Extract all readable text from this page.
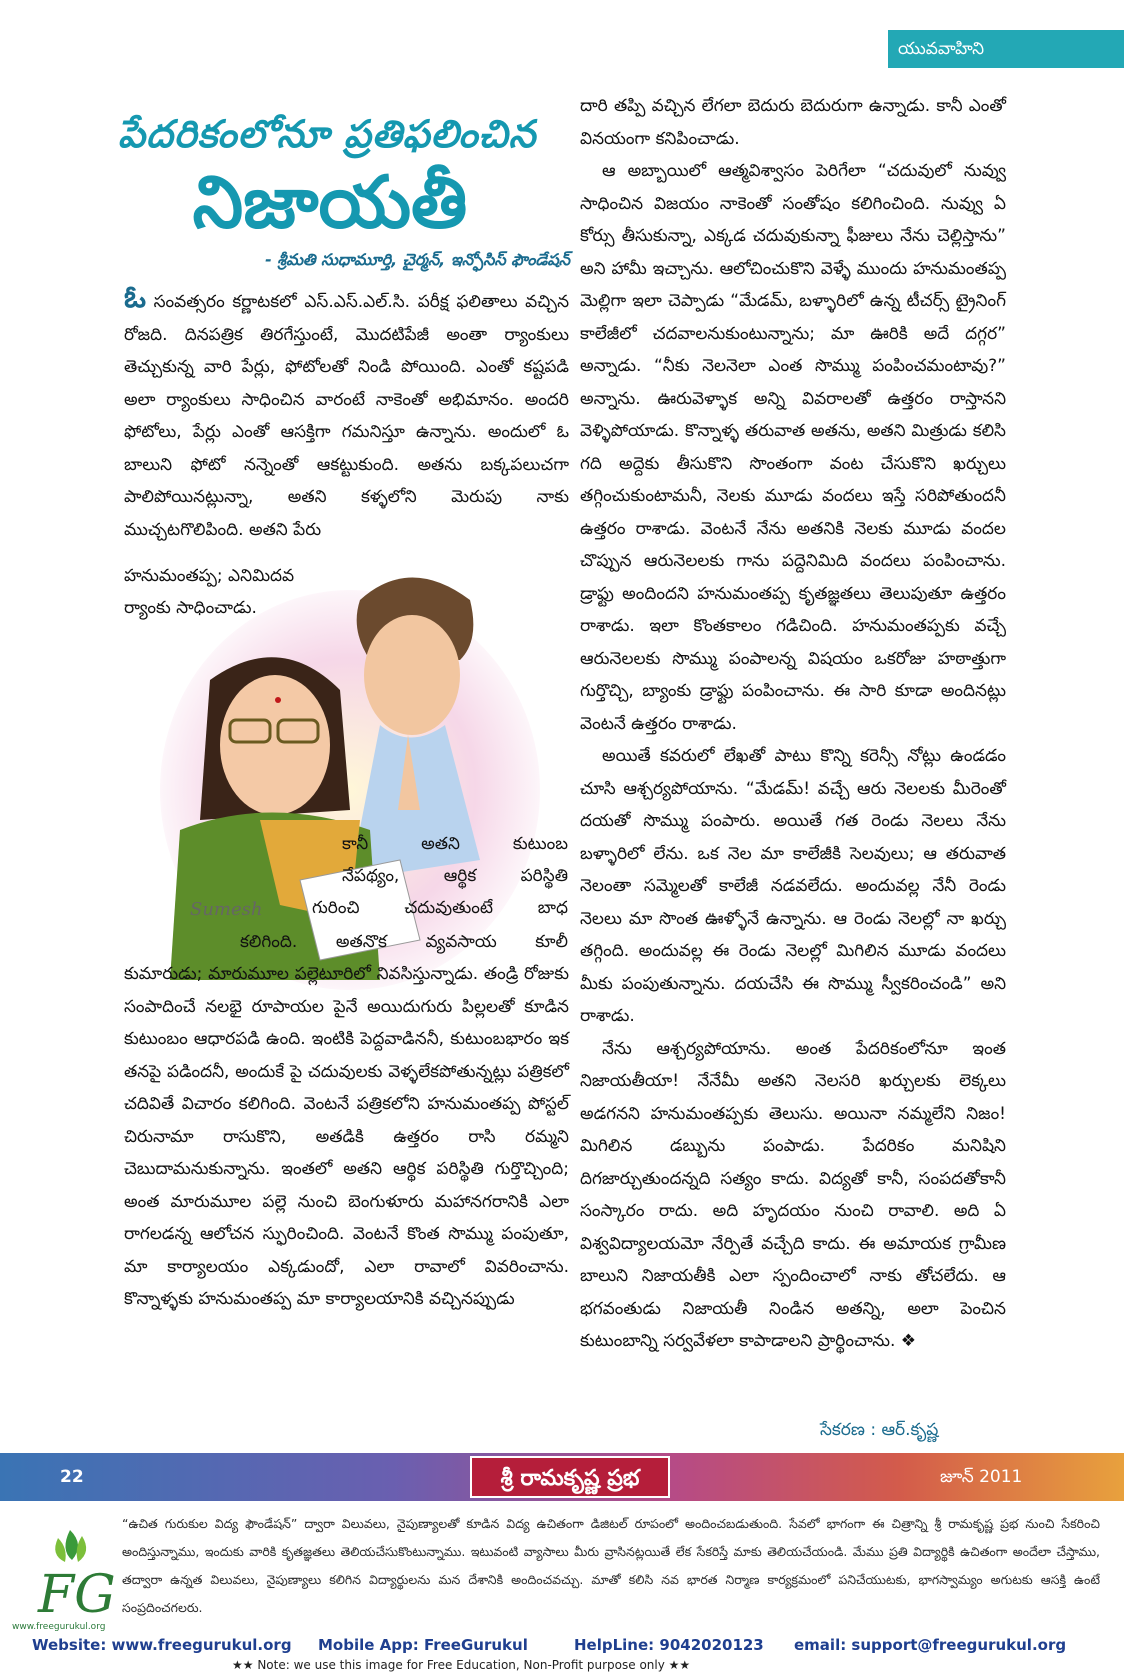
యువవాహిని
పేదరికంలోనూ ప్రతిఫలించిన
నిజాయతీ
- శ్రీమతి సుధామూర్తి, చైర్మన్, ఇన్ఫోసిస్ ఫౌండేషన్
ఓ సంవత్సరం కర్ణాటకలో ఎస్.ఎస్.ఎల్.సి. పరీక్ష ఫలితాలు వచ్చిన రోజది. దినపత్రిక తిరగేస్తుంటే, మొదటిపేజీ అంతా ర్యాంకులు తెచ్చుకున్న వారి పేర్లు, ఫోటోలతో నిండి పోయింది. ఎంతో కష్టపడి అలా ర్యాంకులు సాధించిన వారంటే నాకెంతో అభిమానం. అందరి ఫోటోలు, పేర్లు ఎంతో ఆసక్తిగా గమనిస్తూ ఉన్నాను. అందులో ఓ బాలుని ఫోటో నన్నెంతో ఆకట్టుకుంది. అతను బక్కపలుచగా పాలిపోయినట్లున్నా, అతని కళ్ళలోని మెరుపు నాకు ముచ్చటగొలిపింది. అతని పేరు
హనుమంతప్ప; ఎనిమిదవ
ర్యాంకు సాధించాడు.
Sumesh
కానీ అతని కుటుంబ
నేపథ్యం, ఆర్థిక పరిస్థితి
గురించి చదువుతుంటే బాధ
కలిగింది. అతనొక వ్యవసాయ కూలీ
కుమారుడు; మారుమూల పల్లెటూరిలో నివసిస్తున్నాడు. తండ్రి రోజుకు సంపాదించే నలభై రూపాయల పైనే అయిదుగురు పిల్లలతో కూడిన కుటుంబం ఆధారపడి ఉంది. ఇంటికి పెద్దవాడిననీ, కుటుంబభారం ఇక తనపై పడిందనీ, అందుకే పై చదువులకు వెళ్ళలేకపోతున్నట్లు పత్రికలో చదివితే విచారం కలిగింది. వెంటనే పత్రికలోని హనుమంతప్ప పోస్టల్ చిరునామా రాసుకొని, అతడికి ఉత్తరం రాసి రమ్మని చెబుదామనుకున్నాను. ఇంతలో అతని ఆర్థిక పరిస్థితి గుర్తొచ్చింది; అంత మారుమూల పల్లె నుంచి బెంగుళూరు మహానగరానికి ఎలా రాగలడన్న ఆలోచన స్ఫురించింది. వెంటనే కొంత సొమ్ము పంపుతూ, మా కార్యాలయం ఎక్కడుందో, ఎలా రావాలో వివరించాను. కొన్నాళ్ళకు హనుమంతప్ప మా కార్యాలయానికి వచ్చినప్పుడు

దారి తప్పి వచ్చిన లేగలా బెదురు బెదురుగా ఉన్నాడు. కానీ ఎంతో వినయంగా కనిపించాడు.

ఆ అబ్బాయిలో ఆత్మవిశ్వాసం పెరిగేలా “చదువులో నువ్వు సాధించిన విజయం నాకెంతో సంతోషం కలిగించింది. నువ్వు ఏ కోర్సు తీసుకున్నా, ఎక్కడ చదువుకున్నా ఫీజులు నేను చెల్లిస్తాను” అని హామీ ఇచ్చాను. ఆలోచించుకొని వెళ్ళే ముందు హనుమంతప్ప మెల్లిగా ఇలా చెప్పాడు “మేడమ్, బళ్ళారిలో ఉన్న టీచర్స్ ట్రైనింగ్ కాలేజీలో చదవాలనుకుంటున్నాను; మా ఊరికి అదే దగ్గర” అన్నాడు. “నీకు నెలనెలా ఎంత సొమ్ము పంపించమంటావు?” అన్నాను. ఊరువెళ్ళాక అన్ని వివరాలతో ఉత్తరం రాస్తానని వెళ్ళిపోయాడు. కొన్నాళ్ళ తరువాత అతను, అతని మిత్రుడు కలిసి గది అద్దెకు తీసుకొని సొంతంగా వంట చేసుకొని ఖర్చులు తగ్గించుకుంటామనీ, నెలకు మూడు వందలు ఇస్తే సరిపోతుందనీ ఉత్తరం రాశాడు. వెంటనే నేను అతనికి నెలకు మూడు వందల చొప్పున ఆరునెలలకు గాను పద్దెనిమిది వందలు పంపించాను. డ్రాఫ్టు అందిందని హనుమంతప్ప కృతజ్ఞతలు తెలుపుతూ ఉత్తరం రాశాడు. ఇలా కొంతకాలం గడిచింది. హనుమంతప్పకు వచ్చే ఆరునెలలకు సొమ్ము పంపాలన్న విషయం ఒకరోజు హఠాత్తుగా గుర్తొచ్చి, బ్యాంకు డ్రాఫ్టు పంపించాను. ఈ సారి కూడా అందినట్లు వెంటనే ఉత్తరం రాశాడు.

అయితే కవరులో లేఖతో పాటు కొన్ని కరెన్సీ నోట్లు ఉండడం చూసి ఆశ్చర్యపోయాను. “మేడమ్! వచ్చే ఆరు నెలలకు మీరెంతో దయతో సొమ్ము పంపారు. అయితే గత రెండు నెలలు నేను బళ్ళారిలో లేను. ఒక నెల మా కాలేజీకి సెలవులు; ఆ తరువాత నెలంతా సమ్మెలతో కాలేజీ నడవలేదు. అందువల్ల నేనీ రెండు నెలలు మా సొంత ఊళ్ళోనే ఉన్నాను. ఆ రెండు నెలల్లో నా ఖర్చు తగ్గింది. అందువల్ల ఈ రెండు నెలల్లో మిగిలిన మూడు వందలు మీకు పంపుతున్నాను. దయచేసి ఈ సొమ్ము స్వీకరించండి” అని రాశాడు.

నేను ఆశ్చర్యపోయాను. అంత పేదరికంలోనూ ఇంత నిజాయతీయా! నేనేమీ అతని నెలసరి ఖర్చులకు లెక్కలు అడగనని హనుమంతప్పకు తెలుసు. అయినా నమ్మలేని నిజం! మిగిలిన డబ్బును పంపాడు. పేదరికం మనిషిని దిగజార్చుతుందన్నది సత్యం కాదు. విద్యతో కానీ, సంపదతోకానీ సంస్కారం రాదు. అది హృదయం నుంచి రావాలి. అది ఏ విశ్వవిద్యాలయమో నేర్పితే వచ్చేది కాదు. ఈ అమాయక గ్రామీణ బాలుని నిజాయతీకి ఎలా స్పందించాలో నాకు తోచలేదు. ఆ భగవంతుడు నిజాయతీ నిండిన అతన్ని, అలా పెంచిన కుటుంబాన్ని సర్వవేళలా కాపాడాలని ప్రార్థించాను. ❖

సేకరణ : ఆర్.కృష్ణ
22	శ్రీ రామకృష్ణ ప్రభ	జూన్ 2011
FG
www.freegurukul.org
“ఉచిత గురుకుల విద్య ఫౌండేషన్” ద్వారా విలువలు, నైపుణ్యాలతో కూడిన విద్య ఉచితంగా డిజిటల్ రూపంలో అందించబడుతుంది. సేవలో భాగంగా ఈ చిత్రాన్ని శ్రీ రామకృష్ణ ప్రభ నుంచి సేకరించి అందిస్తున్నాము, ఇందుకు వారికి కృతజ్ఞతలు తెలియచేసుకొంటున్నాము. ఇటువంటి వ్యాసాలు మీరు వ్రాసినట్లయితే లేక సేకరిస్తే మాకు తెలియచేయండి. మేము ప్రతి విద్యార్థికి ఉచితంగా అందేలా చేస్తాము, తద్వారా ఉన్నత విలువలు, నైపుణ్యాలు కలిగిన విద్యార్థులను మన దేశానికి అందించవచ్చు. మాతో కలిసి నవ భారత నిర్మాణ కార్యక్రమంలో పనిచేయుటకు, భాగస్వామ్యం అగుటకు ఆసక్తి ఉంటే సంప్రదించగలరు.
Website: www.freegurukul.org Mobile App: FreeGurukul	HelpLine: 9042020123 email: support@freegurukul.org
★★ Note: we use this image for Free Education, Non-Profit purpose only ★★
